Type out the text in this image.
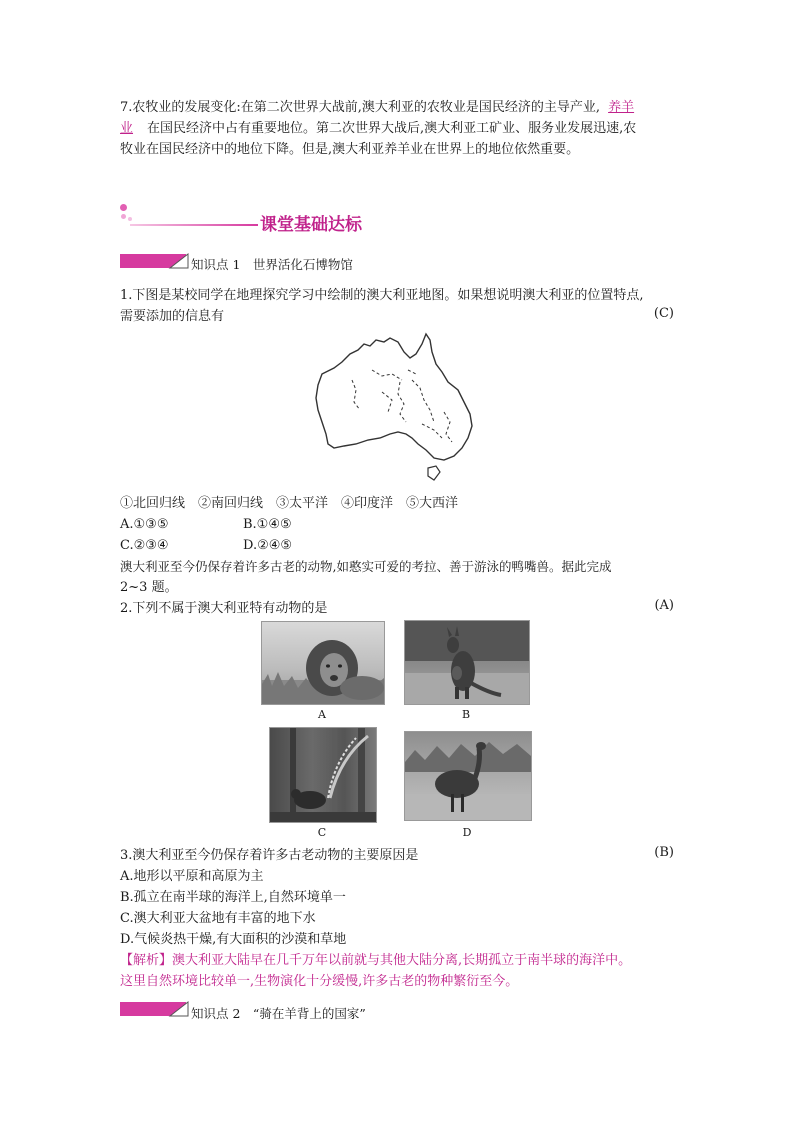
7.农牧业的发展变化:在第二次世界大战前,澳大利亚的农牧业是国民经济的主导产业, 养羊
业 在国民经济中占有重要地位。第二次世界大战后,澳大利亚工矿业、服务业发展迅速,农
牧业在国民经济中的地位下降。但是,澳大利亚养羊业在世界上的地位依然重要。
课堂基础达标
知识点 1　世界活化石博物馆
1.下图是某校同学在地理探究学习中绘制的澳大利亚地图。如果想说明澳大利亚的位置特点,
需要添加的信息有	(C)
①北回归线　②南回归线　③太平洋　④印度洋　⑤大西洋
A.①③⑤	B.①④⑤
C.②③④	D.②④⑤
澳大利亚至今仍保存着许多古老的动物,如憨实可爱的考拉、善于游泳的鸭嘴兽。据此完成
2~3 题。
2.下列不属于澳大利亚特有动物的是	(A)
A	B
C	D
3.澳大利亚至今仍保存着许多古老动物的主要原因是	(B)
A.地形以平原和高原为主
B.孤立在南半球的海洋上,自然环境单一
C.澳大利亚大盆地有丰富的地下水
D.气候炎热干燥,有大面积的沙漠和草地
【解析】澳大利亚大陆早在几千万年以前就与其他大陆分离,长期孤立于南半球的海洋中。
这里自然环境比较单一,生物演化十分缓慢,许多古老的物种繁衍至今。
知识点 2　“骑在羊背上的国家”
